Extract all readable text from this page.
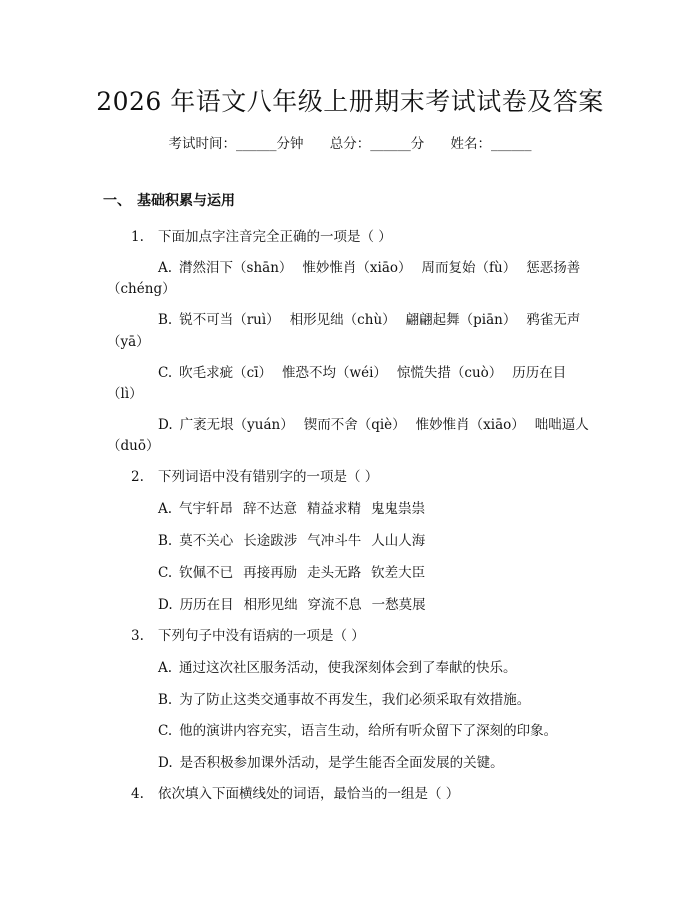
2026 年语文八年级上册期末考试试卷及答案
考试时间：______分钟 总分：______分 姓名：______
一、 基础积累与运用
1. 下面加点字注音完全正确的一项是（ ）
A. 潸然泪下（shān） 惟妙惟肖（xiāo） 周而复始（fù） 惩恶扬善
（chéng）
B. 锐不可当（ruì） 相形见绌（chù） 翩翩起舞（piān） 鸦雀无声
（yā）
C. 吹毛求疵（cī） 惟恐不均（wéi） 惊慌失措（cuò） 历历在目
（lì）
D. 广袤无垠（yuán） 锲而不舍（qiè） 惟妙惟肖（xiāo） 咄咄逼人
（duō）
2. 下列词语中没有错别字的一项是（ ）
A. 气宇轩昂 辞不达意 精益求精 鬼鬼祟祟
B. 莫不关心 长途跋涉 气冲斗牛 人山人海
C. 钦佩不已 再接再励 走头无路 钦差大臣
D. 历历在目 相形见绌 穿流不息 一愁莫展
3. 下列句子中没有语病的一项是（ ）
A. 通过这次社区服务活动，使我深刻体会到了奉献的快乐。
B. 为了防止这类交通事故不再发生，我们必须采取有效措施。
C. 他的演讲内容充实，语言生动，给所有听众留下了深刻的印象。
D. 是否积极参加课外活动，是学生能否全面发展的关键。
4. 依次填入下面横线处的词语，最恰当的一组是（ ）
